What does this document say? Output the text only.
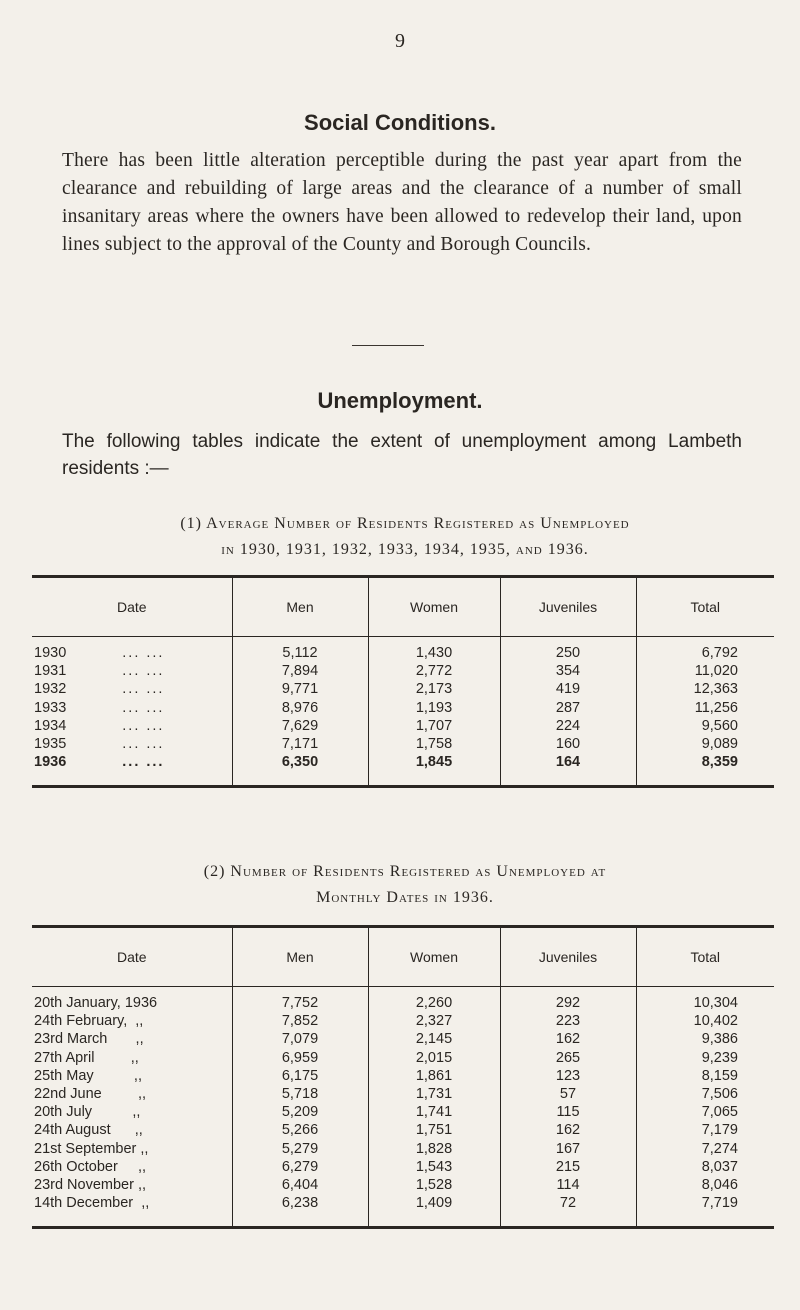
9
Social Conditions.
There has been little alteration perceptible during the past year apart from the clearance and rebuilding of large areas and the clearance of a number of small insanitary areas where the owners have been allowed to redevelop their land, upon lines subject to the approval of the County and Borough Councils.
Unemployment.
The following tables indicate the extent of unemployment among Lambeth residents :—
(1) Average Number of Residents Registered as Unemployed
in 1930, 1931, 1932, 1933, 1934, 1935, and 1936.
Date	Men	Women	Juveniles	Total
1930 ... ...	5,112	1,430	250	6,792
1931 ... ...	7,894	2,772	354	11,020
1932 ... ...	9,771	2,173	419	12,363
1933 ... ...	8,976	1,193	287	11,256
1934 ... ...	7,629	1,707	224	9,560
1935 ... ...	7,171	1,758	160	9,089
1936 ... ...	6,350	1,845	164	8,359
(2) Number of Residents Registered as Unemployed at
Monthly Dates in 1936.
Date	Men	Women	Juveniles	Total
20th January, 1936	7,752	2,260	292	10,304
24th February,  ,,	7,852	2,327	223	10,402
23rd March       ,,	7,079	2,145	162	9,386
27th April         ,,	6,959	2,015	265	9,239
25th May          ,,	6,175	1,861	123	8,159
22nd June         ,,	5,718	1,731	57	7,506
20th July          ,,	5,209	1,741	115	7,065
24th August      ,,	5,266	1,751	162	7,179
21st September ,,	5,279	1,828	167	7,274
26th October     ,,	6,279	1,543	215	8,037
23rd November ,,	6,404	1,528	114	8,046
14th December  ,,	6,238	1,409	72	7,719
